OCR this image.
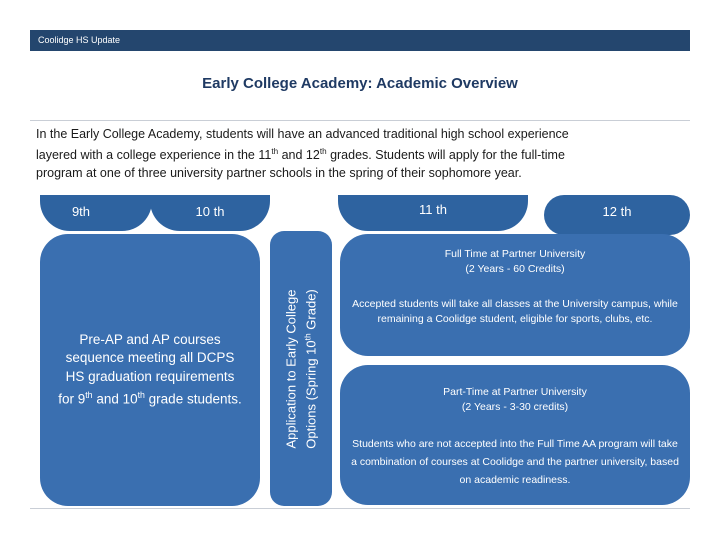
Coolidge HS Update
Early College Academy: Academic Overview
In the Early College Academy, students will have an advanced traditional high school experience
layered with a college experience in the 11th and 12th grades. Students will apply for the full-time
program at one of three university partner schools in the spring of their sophomore year.
9th	10 th	11 th	12 th
Pre-AP and AP courses sequence meeting all DCPS HS graduation requirements for 9th and 10th grade students.	Application to Early College Options (Spring 10th Grade)
Full Time at Partner University
(2 Years - 60 Credits)
Accepted students will take all classes at the University campus, while remaining a Coolidge student, eligible for sports, clubs, etc.
Part-Time at Partner University
(2 Years - 3-30 credits)
Students who are not accepted into the Full Time AA program will take a combination of courses at Coolidge and the partner university, based on academic readiness.
